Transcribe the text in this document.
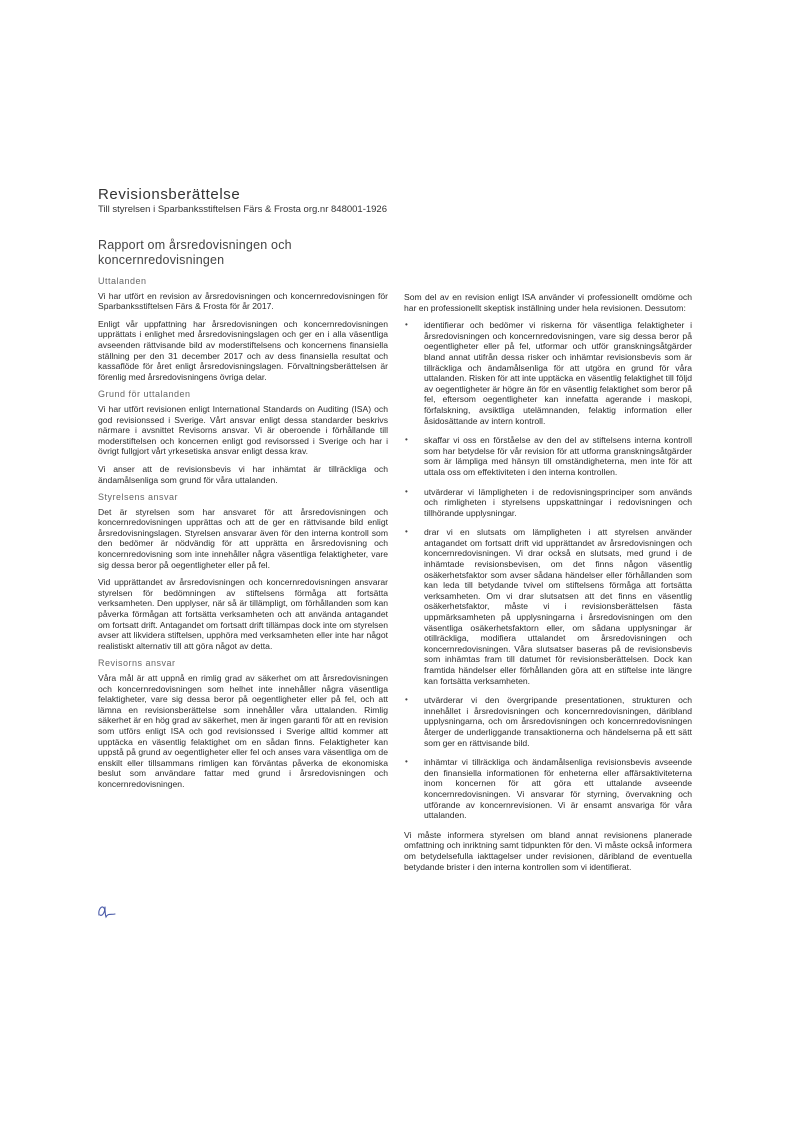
Revisionsberättelse

Till styrelsen i Sparbanksstiftelsen Färs & Frosta org.nr 848001-1926

Rapport om årsredovisningen och koncernredovisningen
Uttalanden

Vi har utfört en revision av årsredovisningen och koncernredovisningen för Sparbanksstiftelsen Färs & Frosta för år 2017.

Enligt vår uppfattning har årsredovisningen och koncernredovisningen upprättats i enlighet med årsredovisningslagen och ger en i alla väsentliga avseenden rättvisande bild av moderstiftelsens och koncernens finansiella ställning per den 31 december 2017 och av dess finansiella resultat och kassaflöde för året enligt årsredovisningslagen. Förvaltningsberättelsen är förenlig med årsredovisningens övriga delar.

Grund för uttalanden

Vi har utfört revisionen enligt International Standards on Auditing (ISA) och god revisionssed i Sverige. Vårt ansvar enligt dessa standarder beskrivs närmare i avsnittet Revisorns ansvar. Vi är oberoende i förhållande till moderstiftelsen och koncernen enligt god revisorssed i Sverige och har i övrigt fullgjort vårt yrkesetiska ansvar enligt dessa krav.

Vi anser att de revisionsbevis vi har inhämtat är tillräckliga och ändamålsenliga som grund för våra uttalanden.

Styrelsens ansvar

Det är styrelsen som har ansvaret för att årsredovisningen och koncernredovisningen upprättas och att de ger en rättvisande bild enligt årsredovisningslagen. Styrelsen ansvarar även för den interna kontroll som den bedömer är nödvändig för att upprätta en årsredovisning och koncernredovisning som inte innehåller några väsentliga felaktigheter, vare sig dessa beror på oegentligheter eller på fel.

Vid upprättandet av årsredovisningen och koncernredovisningen ansvarar styrelsen för bedömningen av stiftelsens förmåga att fortsätta verksamheten. Den upplyser, när så är tillämpligt, om förhållanden som kan påverka förmågan att fortsätta verksamheten och att använda antagandet om fortsatt drift. Antagandet om fortsatt drift tillämpas dock inte om styrelsen avser att likvidera stiftelsen, upphöra med verksamheten eller inte har något realistiskt alternativ till att göra något av detta.

Revisorns ansvar

Våra mål är att uppnå en rimlig grad av säkerhet om att årsredovisningen och koncernredovisningen som helhet inte innehåller några väsentliga felaktigheter, vare sig dessa beror på oegentligheter eller på fel, och att lämna en revisionsberättelse som innehåller våra uttalanden. Rimlig säkerhet är en hög grad av säkerhet, men är ingen garanti för att en revision som utförs enligt ISA och god revisionssed i Sverige alltid kommer att upptäcka en väsentlig felaktighet om en sådan finns. Felaktigheter kan uppstå på grund av oegentligheter eller fel och anses vara väsentliga om de enskilt eller tillsammans rimligen kan förväntas påverka de ekonomiska beslut som användare fattar med grund i årsredovisningen och koncernredovisningen.

Som del av en revision enligt ISA använder vi professionellt omdöme och har en professionellt skeptisk inställning under hela revisionen. Dessutom:

• identifierar och bedömer vi riskerna för väsentliga felaktigheter i årsredovisningen och koncernredovisningen, vare sig dessa beror på oegentligheter eller på fel, utformar och utför granskningsåtgärder bland annat utifrån dessa risker och inhämtar revisionsbevis som är tillräckliga och ändamålsenliga för att utgöra en grund för våra uttalanden. Risken för att inte upptäcka en väsentlig felaktighet till följd av oegentligheter är högre än för en väsentlig felaktighet som beror på fel, eftersom oegentligheter kan innefatta agerande i maskopi, förfalskning, avsiktliga utelämnanden, felaktig information eller åsidosättande av intern kontroll.
• skaffar vi oss en förståelse av den del av stiftelsens interna kontroll som har betydelse för vår revision för att utforma granskningsåtgärder som är lämpliga med hänsyn till omständigheterna, men inte för att uttala oss om effektiviteten i den interna kontrollen.
• utvärderar vi lämpligheten i de redovisningsprinciper som används och rimligheten i styrelsens uppskattningar i redovisningen och tillhörande upplysningar.
• drar vi en slutsats om lämpligheten i att styrelsen använder antagandet om fortsatt drift vid upprättandet av årsredovisningen och koncernredovisningen. Vi drar också en slutsats, med grund i de inhämtade revisionsbevisen, om det finns någon väsentlig osäkerhetsfaktor som avser sådana händelser eller förhållanden som kan leda till betydande tvivel om stiftelsens förmåga att fortsätta verksamheten. Om vi drar slutsatsen att det finns en väsentlig osäkerhetsfaktor, måste vi i revisionsberättelsen fästa uppmärksamheten på upplysningarna i årsredovisningen om den väsentliga osäkerhetsfaktorn eller, om sådana upplysningar är otillräckliga, modifiera uttalandet om årsredovisningen och koncernredovisningen. Våra slutsatser baseras på de revisionsbevis som inhämtas fram till datumet för revisionsberättelsen. Dock kan framtida händelser eller förhållanden göra att en stiftelse inte längre kan fortsätta verksamheten.
• utvärderar vi den övergripande presentationen, strukturen och innehållet i årsredovisningen och koncernredovisningen, däribland upplysningarna, och om årsredovisningen och koncernredovisningen återger de underliggande transaktionerna och händelserna på ett sätt som ger en rättvisande bild.
• inhämtar vi tillräckliga och ändamålsenliga revisionsbevis avseende den finansiella informationen för enheterna eller affärsaktiviteterna inom koncernen för att göra ett uttalande avseende koncernredovisningen. Vi ansvarar för styrning, övervakning och utförande av koncernrevisionen. Vi är ensamt ansvariga för våra uttalanden.

Vi måste informera styrelsen om bland annat revisionens planerade omfattning och inriktning samt tidpunkten för den. Vi måste också informera om betydelsefulla iakttagelser under revisionen, däribland de eventuella betydande brister i den interna kontrollen som vi identifierat.
